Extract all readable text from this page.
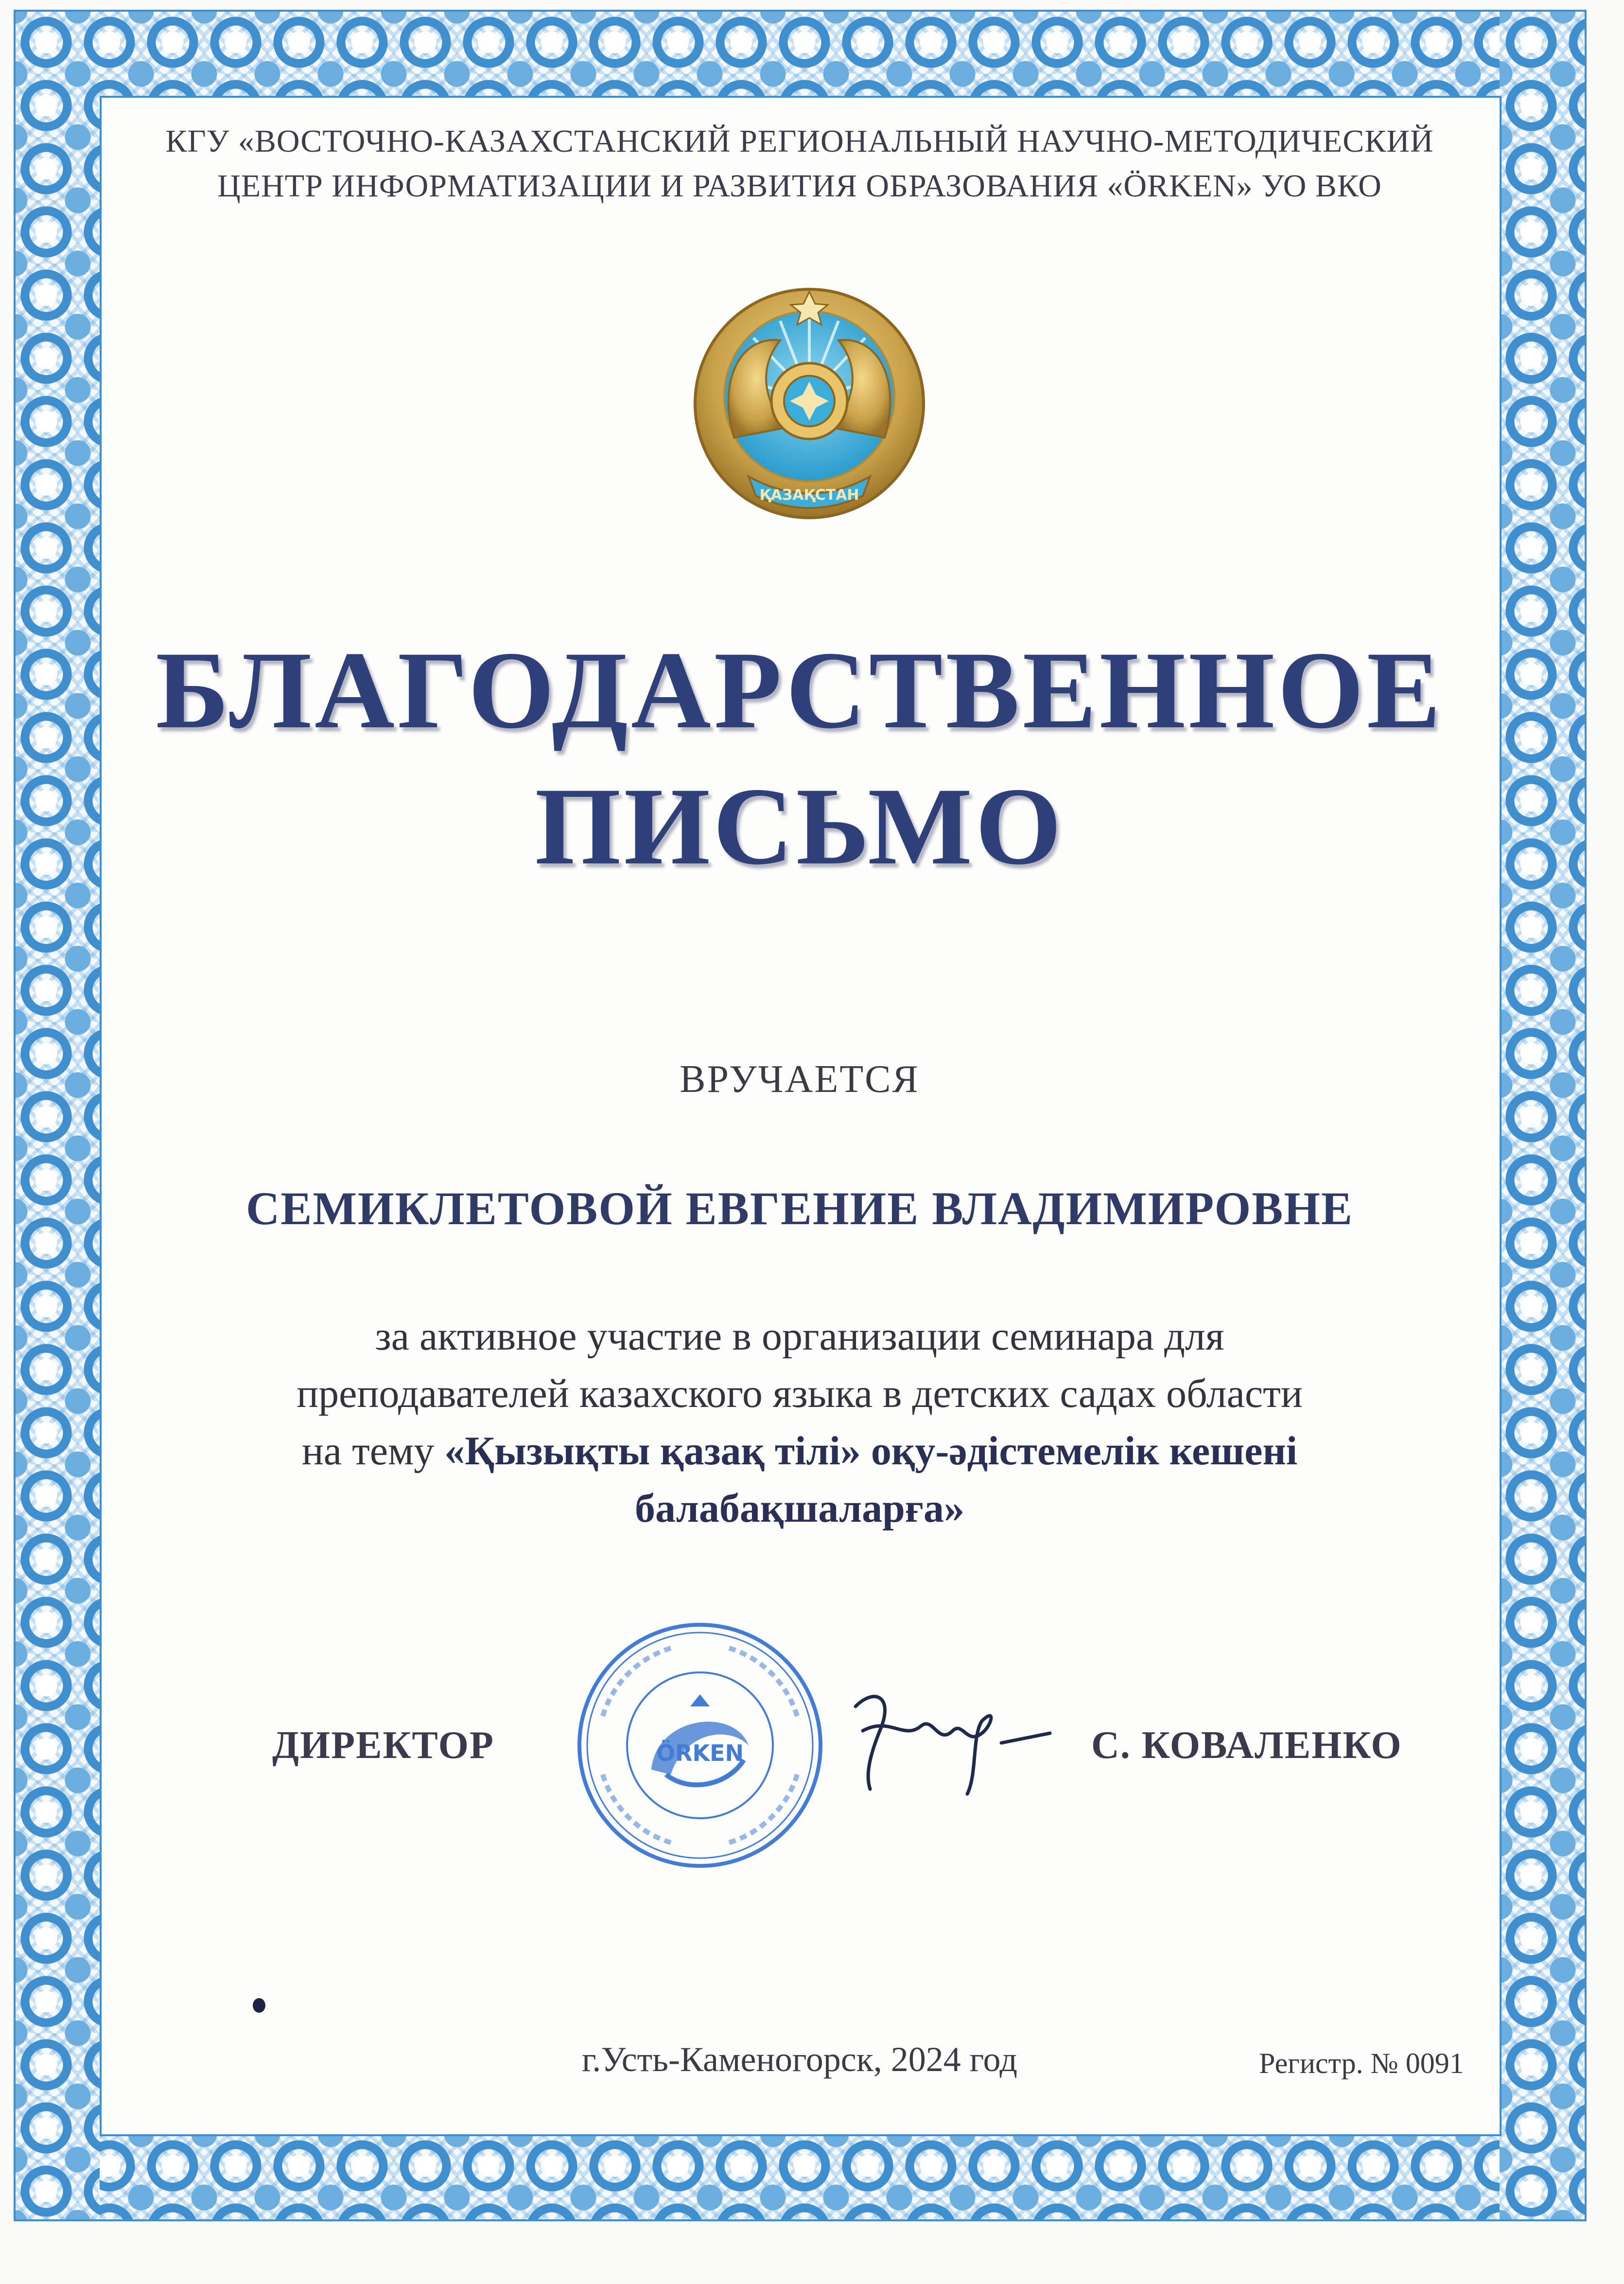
КГУ «ВОСТОЧНО-КАЗАХСТАНСКИЙ РЕГИОНАЛЬНЫЙ НАУЧНО-МЕТОДИЧЕСКИЙ
ЦЕНТР ИНФОРМАТИЗАЦИИ И РАЗВИТИЯ ОБРАЗОВАНИЯ «ÖRKEN» УО ВКО
ҚАЗАҚСТАН
БЛАГОДАРСТВЕННОЕ
ПИСЬМО
ВРУЧАЕТСЯ
СЕМИКЛЕТОВОЙ ЕВГЕНИЕ ВЛАДИМИРОВНЕ
за активное участие в организации семинара для
преподавателей казахского языка в детских садах области
на тему «Қызықты қазақ тілі» оқу-әдістемелік кешені
балабақшаларға»
ÖRKEN
ДИРЕКТОР	С. КОВАЛЕНКО
г.Усть-Каменогорск, 2024 год	Регистр. № 0091
